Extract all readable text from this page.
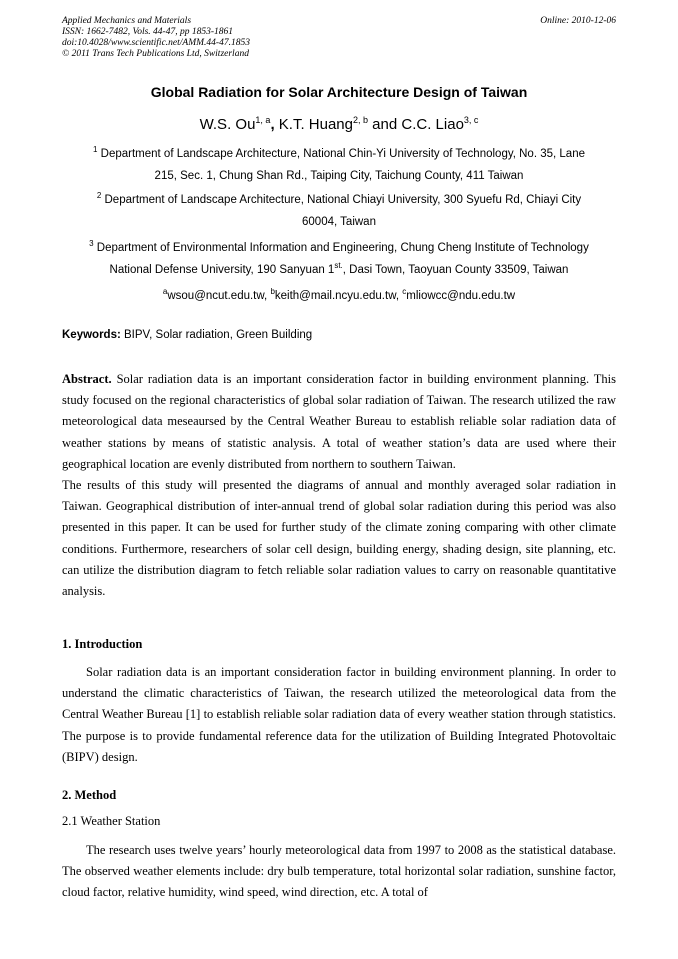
Applied Mechanics and Materials
ISSN: 1662-7482, Vols. 44-47, pp 1853-1861
doi:10.4028/www.scientific.net/AMM.44-47.1853
© 2011 Trans Tech Publications Ltd, Switzerland
Online: 2010-12-06
Global Radiation for Solar Architecture Design of Taiwan
W.S. Ou$^{1, a}$, K.T. Huang$^{2, b}$ and C.C. Liao$^{3, c}$
$^1$ Department of Landscape Architecture, National Chin-Yi University of Technology, No. 35, Lane
215, Sec. 1, Chung Shan Rd., Taiping City, Taichung County, 411 Taiwan
$^2$ Department of Landscape Architecture, National Chiayi University, 300 Syuefu Rd, Chiayi City
60004, Taiwan
$^3$ Department of Environmental Information and Engineering, Chung Cheng Institute of Technology
National Defense University, 190 Sanyuan $1^{st.}$, Dasi Town, Taoyuan County 33509, Taiwan
$^a$wsou@ncut.edu.tw, $^b$keith@mail.ncyu.edu.tw, $^c$mliowcc@ndu.edu.tw
Keywords: BIPV, Solar radiation, Green Building

Abstract. Solar radiation data is an important consideration factor in building environment planning. This study focused on the regional characteristics of global solar radiation of Taiwan. The research utilized the raw meteorological data meseaursed by the Central Weather Bureau to establish reliable solar radiation data of weather stations by means of statistic analysis. A total of weather station’s data are used where their geographical location are evenly distributed from northern to southern Taiwan.

The results of this study will presented the diagrams of annual and monthly averaged solar radiation in Taiwan. Geographical distribution of inter-annual trend of global solar radiation during this period was also presented in this paper. It can be used for further study of the climate zoning comparing with other climate conditions. Furthermore, researchers of solar cell design, building energy, shading design, site planning, etc. can utilize the distribution diagram to fetch reliable solar radiation values to carry on reasonable quantitative analysis.

1. Introduction

Solar radiation data is an important consideration factor in building environment planning. In order to understand the climatic characteristics of Taiwan, the research utilized the meteorological data from the Central Weather Bureau [1] to establish reliable solar radiation data of every weather station through statistics. The purpose is to provide fundamental reference data for the utilization of Building Integrated Photovoltaic (BIPV) design.

2. Method
2.1 Weather Station

The research uses twelve years’ hourly meteorological data from 1997 to 2008 as the statistical database. The observed weather elements include: dry bulb temperature, total horizontal solar radiation, sunshine factor, cloud factor, relative humidity, wind speed, wind direction, etc. A total of
